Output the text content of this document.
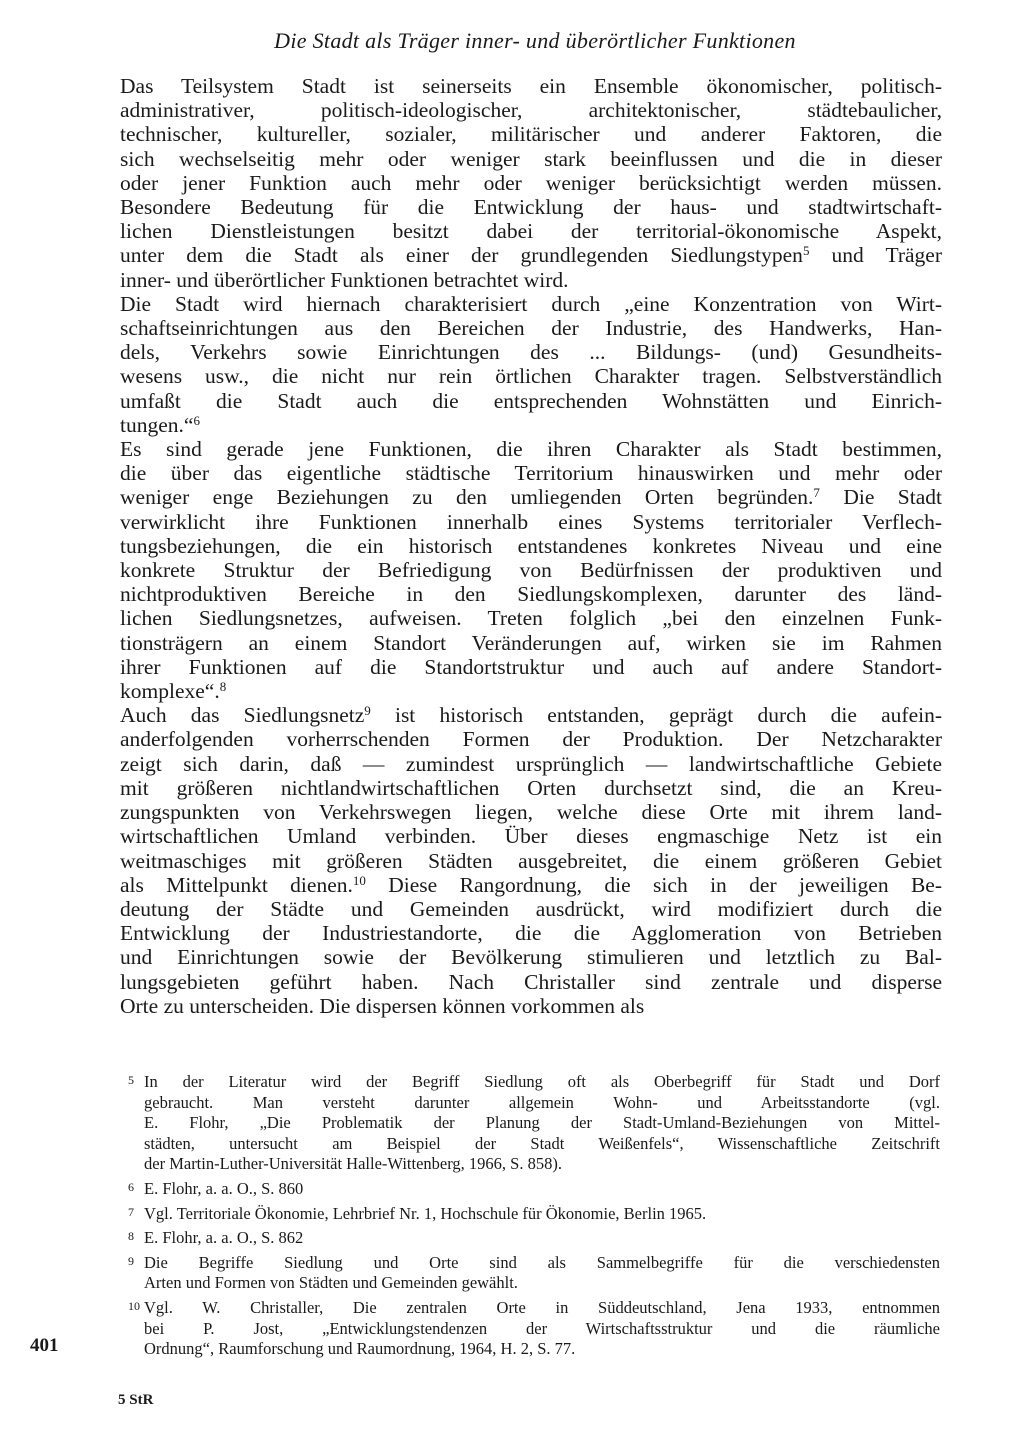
Die Stadt als Träger inner- und überörtlicher Funktionen

Das Teilsystem Stadt ist seinerseits ein Ensemble ökonomischer, politisch-
administrativer, politisch-ideologischer, architektonischer, städtebaulicher,
technischer, kultureller, sozialer, militärischer und anderer Faktoren, die
sich wechselseitig mehr oder weniger stark beeinflussen und die in dieser
oder jener Funktion auch mehr oder weniger berücksichtigt werden müssen.
Besondere Bedeutung für die Entwicklung der haus- und stadtwirtschaft-
lichen Dienstleistungen besitzt dabei der territorial-ökonomische Aspekt,
unter dem die Stadt als einer der grundlegenden Siedlungstypen$^5$ und Träger
inner- und überörtlicher Funktionen betrachtet wird.

Die Stadt wird hiernach charakterisiert durch „eine Konzentration von Wirt-
schaftseinrichtungen aus den Bereichen der Industrie, des Handwerks, Han-
dels, Verkehrs sowie Einrichtungen des ... Bildungs- (und) Gesundheits-
wesens usw., die nicht nur rein örtlichen Charakter tragen. Selbstverständlich
umfaßt die Stadt auch die entsprechenden Wohnstätten und Einrich-
tungen.“$^6$

Es sind gerade jene Funktionen, die ihren Charakter als Stadt bestimmen,
die über das eigentliche städtische Territorium hinauswirken und mehr oder
weniger enge Beziehungen zu den umliegenden Orten begründen.$^7$ Die Stadt
verwirklicht ihre Funktionen innerhalb eines Systems territorialer Verflech-
tungsbeziehungen, die ein historisch entstandenes konkretes Niveau und eine
konkrete Struktur der Befriedigung von Bedürfnissen der produktiven und
nichtproduktiven Bereiche in den Siedlungskomplexen, darunter des länd-
lichen Siedlungsnetzes, aufweisen. Treten folglich „bei den einzelnen Funk-
tionsträgern an einem Standort Veränderungen auf, wirken sie im Rahmen
ihrer Funktionen auf die Standortstruktur und auch auf andere Standort-
komplexe“.$^8$

Auch das Siedlungsnetz$^9$ ist historisch entstanden, geprägt durch die aufein-
anderfolgenden vorherrschenden Formen der Produktion. Der Netzcharakter
zeigt sich darin, daß — zumindest ursprünglich — landwirtschaftliche Gebiete
mit größeren nichtlandwirtschaftlichen Orten durchsetzt sind, die an Kreu-
zungspunkten von Verkehrswegen liegen, welche diese Orte mit ihrem land-
wirtschaftlichen Umland verbinden. Über dieses engmaschige Netz ist ein
weitmaschiges mit größeren Städten ausgebreitet, die einem größeren Gebiet
als Mittelpunkt dienen.$^{10}$ Diese Rangordnung, die sich in der jeweiligen Be-
deutung der Städte und Gemeinden ausdrückt, wird modifiziert durch die
Entwicklung der Industriestandorte, die die Agglomeration von Betrieben
und Einrichtungen sowie der Bevölkerung stimulieren und letztlich zu Bal-
lungsgebieten geführt haben. Nach Christaller sind zentrale und disperse
Orte zu unterscheiden. Die dispersen können vorkommen als

5 In der Literatur wird der Begriff Siedlung oft als Oberbegriff für Stadt und Dorf
gebraucht. Man versteht darunter allgemein Wohn- und Arbeitsstandorte (vgl.
E. Flohr, „Die Problematik der Planung der Stadt-Umland-Beziehungen von Mittel-
städten, untersucht am Beispiel der Stadt Weißenfels“, Wissenschaftliche Zeitschrift
der Martin-Luther-Universität Halle-Wittenberg, 1966, S. 858).
6 E. Flohr, a. a. O., S. 860
7 Vgl. Territoriale Ökonomie, Lehrbrief Nr. 1, Hochschule für Ökonomie, Berlin 1965.
8 E. Flohr, a. a. O., S. 862
9 Die Begriffe Siedlung und Orte sind als Sammelbegriffe für die verschiedensten
Arten und Formen von Städten und Gemeinden gewählt.
10 Vgl. W. Christaller, Die zentralen Orte in Süddeutschland, Jena 1933, entnommen
bei P. Jost, „Entwicklungstendenzen der Wirtschaftsstruktur und die räumliche
Ordnung“, Raumforschung und Raumordnung, 1964, H. 2, S. 77.
401
5 StR
